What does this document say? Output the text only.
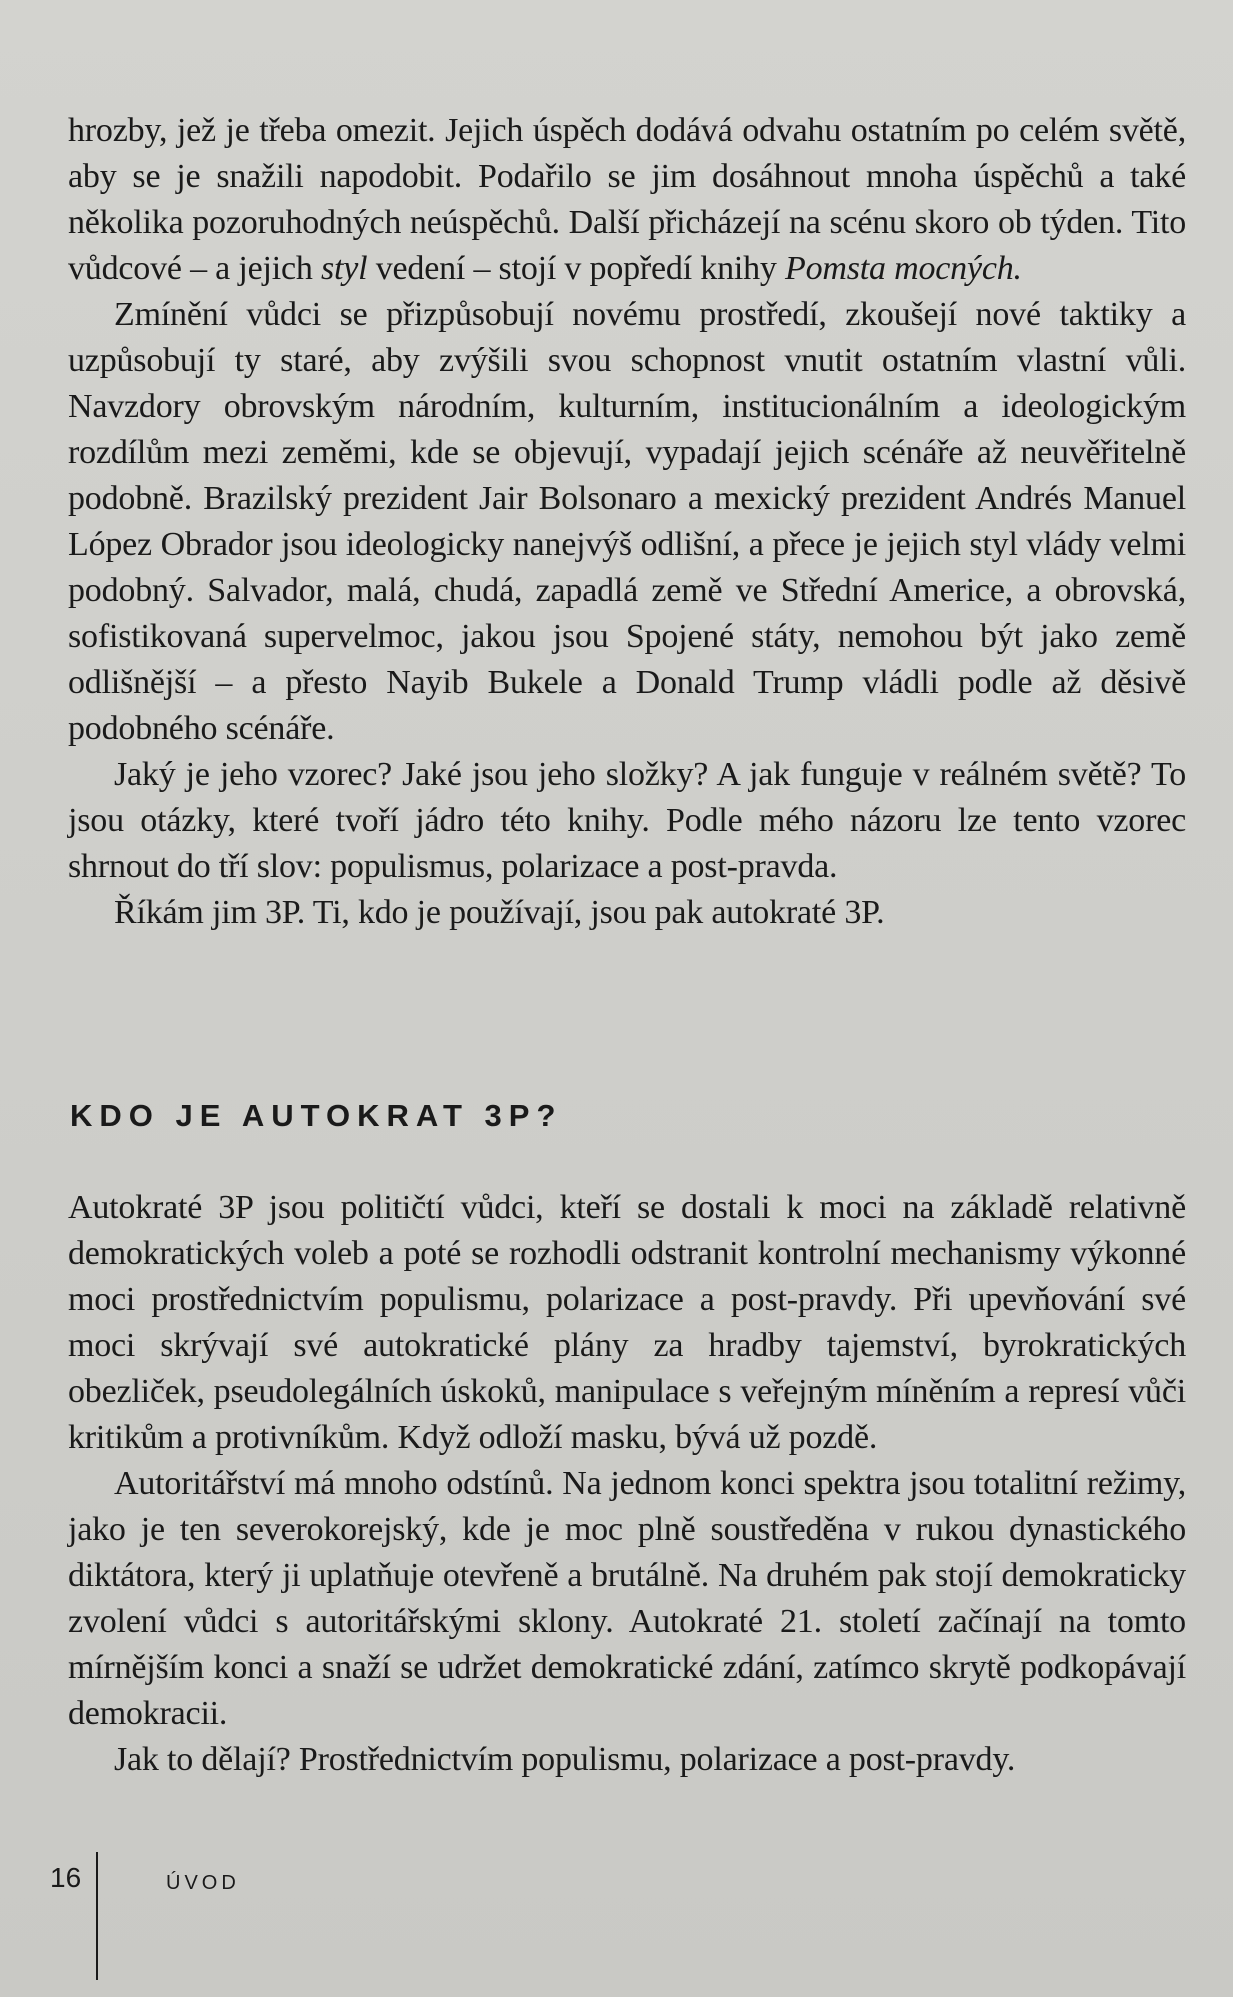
hrozby, jež je třeba omezit. Jejich úspěch dodává odvahu ostatním po celém světě, aby se je snažili napodobit. Podařilo se jim dosáhnout mnoha úspěchů a také několika pozoruhodných neúspěchů. Další přicházejí na scénu skoro ob týden. Tito vůdcové – a jejich styl vedení – stojí v popředí knihy Pomsta mocných.

Zmínění vůdci se přizpůsobují novému prostředí, zkoušejí nové taktiky a uzpůsobují ty staré, aby zvýšili svou schopnost vnutit ostatním vlastní vůli. Navzdory obrovským národním, kulturním, institucionálním a ideologickým rozdílům mezi zeměmi, kde se objevují, vypadají jejich scénáře až neuvěřitelně podobně. Brazilský prezident Jair Bolsonaro a mexický prezident Andrés Manuel López Obrador jsou ideologicky nanejvýš odlišní, a přece je jejich styl vlády velmi podobný. Salvador, malá, chudá, zapadlá země ve Střední Americe, a obrovská, sofistikovaná supervelmoc, jakou jsou Spojené státy, nemohou být jako země odlišnější – a přesto Nayib Bukele a Donald Trump vládli podle až děsivě podobného scénáře.

Jaký je jeho vzorec? Jaké jsou jeho složky? A jak funguje v reálném světě? To jsou otázky, které tvoří jádro této knihy. Podle mého názoru lze tento vzorec shrnout do tří slov: populismus, polarizace a post-pravda.

Říkám jim 3P. Ti, kdo je používají, jsou pak autokraté 3P.

KDO JE AUTOKRAT 3P?

Autokraté 3P jsou političtí vůdci, kteří se dostali k moci na základě relativně demokratických voleb a poté se rozhodli odstranit kontrolní mechanismy výkonné moci prostřednictvím populismu, polarizace a post-pravdy. Při upevňování své moci skrývají své autokratické plány za hradby tajemství, byrokratických obezliček, pseudolegálních úskoků, manipulace s veřejným míněním a represí vůči kritikům a protivníkům. Když odloží masku, bývá už pozdě.

Autoritářství má mnoho odstínů. Na jednom konci spektra jsou totalitní režimy, jako je ten severokorejský, kde je moc plně soustředěna v rukou dynastického diktátora, který ji uplatňuje otevřeně a brutálně. Na druhém pak stojí demokraticky zvolení vůdci s autoritářskými sklony. Autokraté 21. století začínají na tomto mírnějším konci a snaží se udržet demokratické zdání, zatímco skrytě podkopávají demokracii.

Jak to dělají? Prostřednictvím populismu, polarizace a post-pravdy.

16	ÚVOD
